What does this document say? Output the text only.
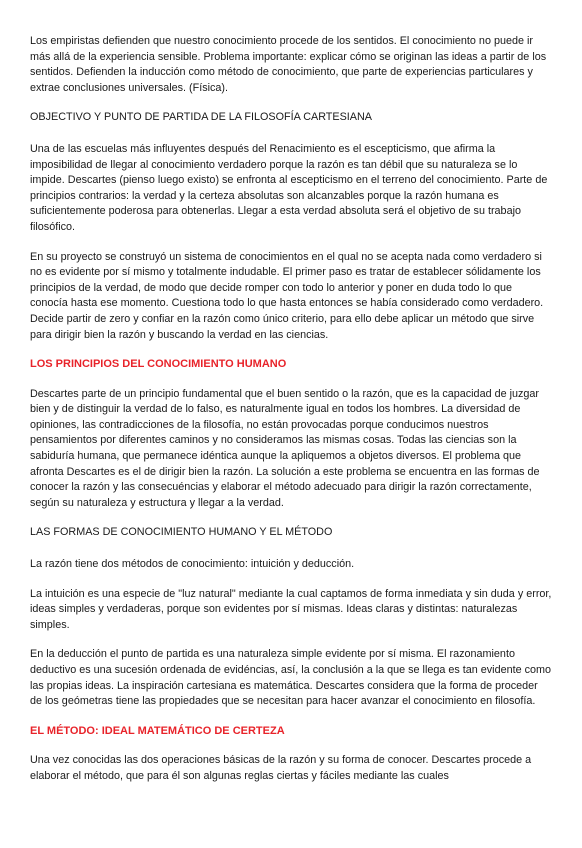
Los empiristas defienden que nuestro conocimiento procede de los sentidos. El conocimiento no puede ir más allá de la experiencia sensible. Problema importante: explicar cómo se originan las ideas a partir de los sentidos. Defienden la inducción como método de conocimiento, que parte de experiencias particulares y extrae conclusiones universales. (Física).

OBJECTIVO Y PUNTO DE PARTIDA DE LA FILOSOFÍA CARTESIANA

Una de las escuelas más influyentes después del Renacimiento es el escepticismo, que afirma la imposibilidad de llegar al conocimiento verdadero porque la razón es tan débil que su naturaleza se lo impide. Descartes (pienso luego existo) se enfronta al escepticismo en el terreno del conocimiento. Parte de principios contrarios: la verdad y la certeza absolutas son alcanzables porque la razón humana es suficientemente poderosa para obtenerlas. Llegar a esta verdad absoluta será el objetivo de su trabajo filosófico.

En su proyecto se construyó un sistema de conocimientos en el qual no se acepta nada como verdadero si no es evidente por sí mismo y totalmente indudable. El primer paso es tratar de establecer sólidamente los principios de la verdad, de modo que decide romper con todo lo anterior y poner en duda todo lo que conocía hasta ese momento. Cuestiona todo lo que hasta entonces se había considerado como verdadero. Decide partir de zero y confiar en la razón como único criterio, para ello debe aplicar un método que sirve para dirigir bien la razón y buscando la verdad en las ciencias.

LOS PRINCIPIOS DEL CONOCIMIENTO HUMANO

Descartes parte de un principio fundamental que el buen sentido o la razón, que es la capacidad de juzgar bien y de distinguir la verdad de lo falso, es naturalmente igual en todos los hombres. La diversidad de opiniones, las contradicciones de la filosofía, no están provocadas porque conducimos nuestros pensamientos por diferentes caminos y no consideramos las mismas cosas. Todas las ciencias son la sabiduría humana, que permanece idéntica aunque la apliquemos a objetos diversos. El problema que afronta Descartes es el de dirigir bien la razón. La solución a este problema se encuentra en las formas de conocer la razón y las consecuéncias y elaborar el método adecuado para dirigir la razón correctamente, según su naturaleza y estructura y llegar a la verdad.

LAS FORMAS DE CONOCIMIENTO HUMANO Y EL MÉTODO

La razón tiene dos métodos de conocimiento: intuición y deducción.

La intuición es una especie de "luz natural" mediante la cual captamos de forma inmediata y sin duda y error, ideas simples y verdaderas, porque son evidentes por sí mismas. Ideas claras y distintas: naturalezas simples.

En la deducción el punto de partida es una naturaleza simple evidente por sí misma. El razonamiento deductivo es una sucesión ordenada de evidéncias, así, la conclusión a la que se llega es tan evidente como las propias ideas. La inspiración cartesiana es matemática. Descartes considera que la forma de proceder de los geómetras tiene las propiedades que se necesitan para hacer avanzar el conocimiento en filosofía.

EL MÉTODO: IDEAL MATEMÁTICO DE CERTEZA

Una vez conocidas las dos operaciones básicas de la razón y su forma de conocer. Descartes procede a elaborar el método, que para él son algunas reglas ciertas y fáciles mediante las cuales
